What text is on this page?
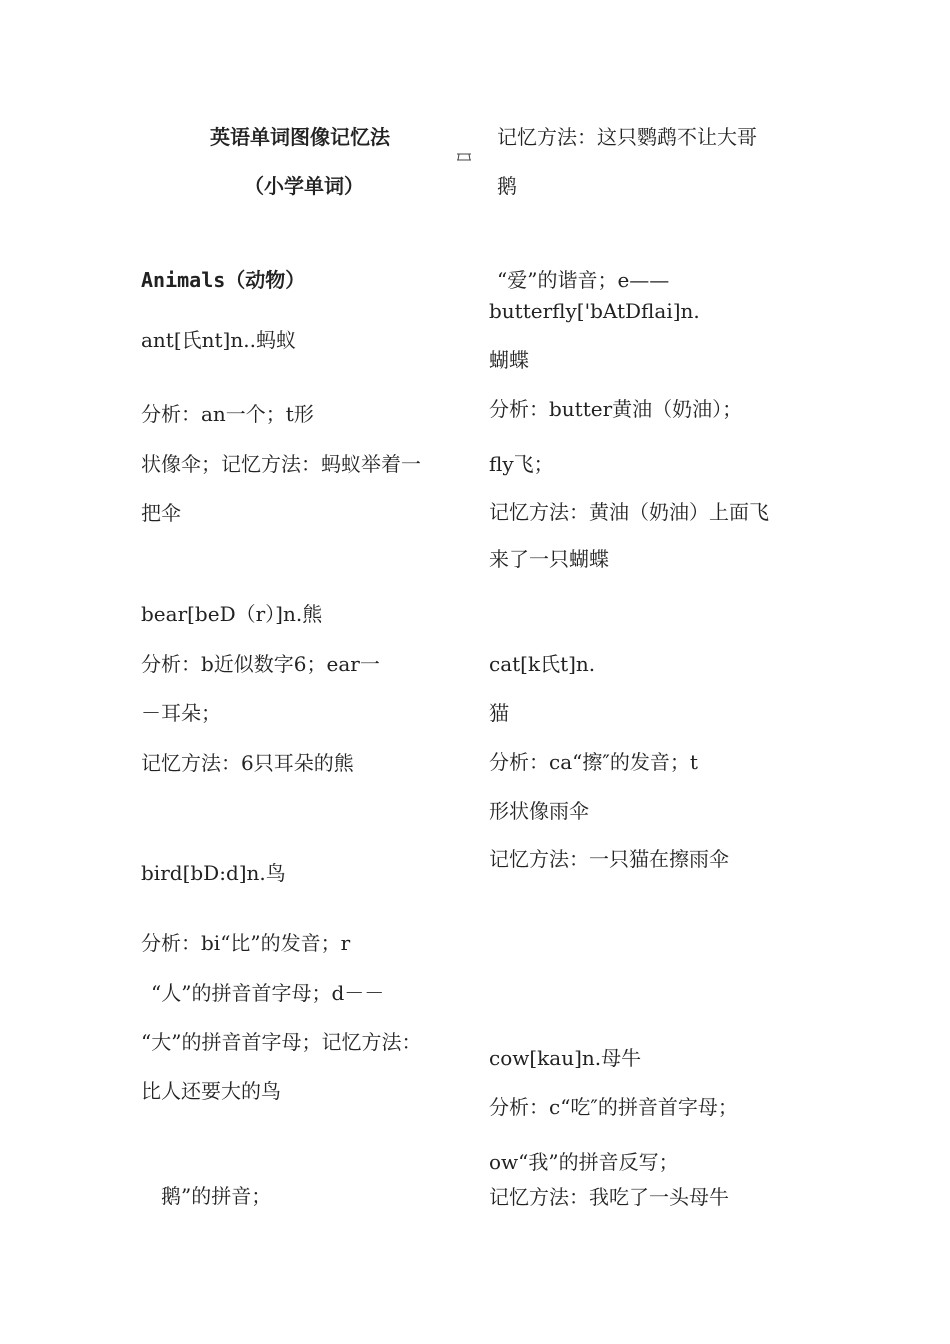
英语单词图像记忆法
（小学单词）
Animals（动物）
ant[氏nt]n..蚂蚁
分析：an一个；t形
状像伞；记忆方法：蚂蚁举着一
把伞
bear[beD（r）]n.熊
分析：b近似数字6；ear一
－耳朵；
记忆方法：6只耳朵的熊
bird[bD:d]n.鸟
分析：bi“比”的发音；r
“人”的拼音首字母；d－－
“大”的拼音首字母；记忆方法：
比人还要大的鸟
鹅”的拼音；
记忆方法：这只鹦鹉不让大哥
鹅
“爱”的谐音；e——
butterfly['bAtDflai]n.
蝴蝶
分析：butter黄油（奶油）；
fly飞；
记忆方法：黄油（奶油）上面飞
来了一只蝴蝶
cat[k氏t]n.
猫
分析：ca“擦″的发音；t
形状像雨伞
记忆方法：一只猫在擦雨伞
cow[kau]n.母牛
分析：c“吃″的拼音首字母；
ow“我”的拼音反写；
记忆方法：我吃了一头母牛
